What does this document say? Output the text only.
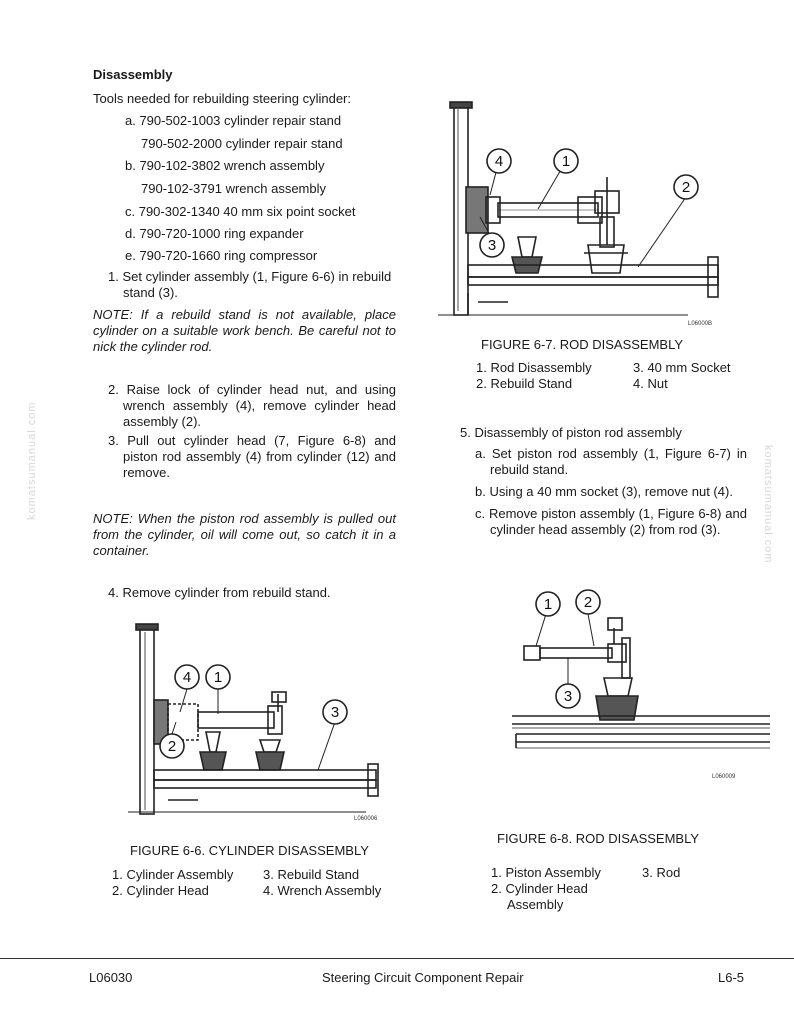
komatsumanual.com	komatsumanual.com
Disassembly
Tools needed for rebuilding steering cylinder:
a. 790-502-1003 cylinder repair stand
790-502-2000 cylinder repair stand
b. 790-102-3802 wrench assembly
790-102-3791 wrench assembly
c. 790-302-1340 40 mm six point socket
d. 790-720-1000 ring expander
e. 790-720-1660 ring compressor
1. Set cylinder assembly (1, Figure 6-6) in rebuild
stand (3).
NOTE: If a rebuild stand is not available, place cylinder on a suitable work bench. Be careful not to nick the cylinder rod.
2. Raise lock of cylinder head nut, and using wrench assembly (4), remove cylinder head assembly (2).
3. Pull out cylinder head (7, Figure 6-8) and piston rod assembly (4) from cylinder (12) and remove.
NOTE: When the piston rod assembly is pulled out from the cylinder, oil will come out, so catch it in a container.
4. Remove cylinder from rebuild stand.
4	1
2
3
L06000B
FIGURE 6-7. ROD DISASSEMBLY
1. Rod Disassembly
2. Rebuild Stand
3. 40 mm Socket
4. Nut
5. Disassembly of piston rod assembly
a. Set piston rod assembly (1, Figure 6-7) in rebuild stand.
b. Using a 40 mm socket (3), remove nut (4).
c. Remove piston assembly (1, Figure 6-8) and cylinder head assembly (2) from rod (3).
4 1
3
2
L060006
FIGURE 6-6. CYLINDER DISASSEMBLY
1. Cylinder Assembly
2. Cylinder Head
3. Rebuild Stand
4. Wrench Assembly
1 2
3
L060009
FIGURE 6-8. ROD DISASSEMBLY
1. Piston Assembly
2. Cylinder Head
Assembly
3. Rod
L06030	Steering Circuit Component Repair	L6-5
